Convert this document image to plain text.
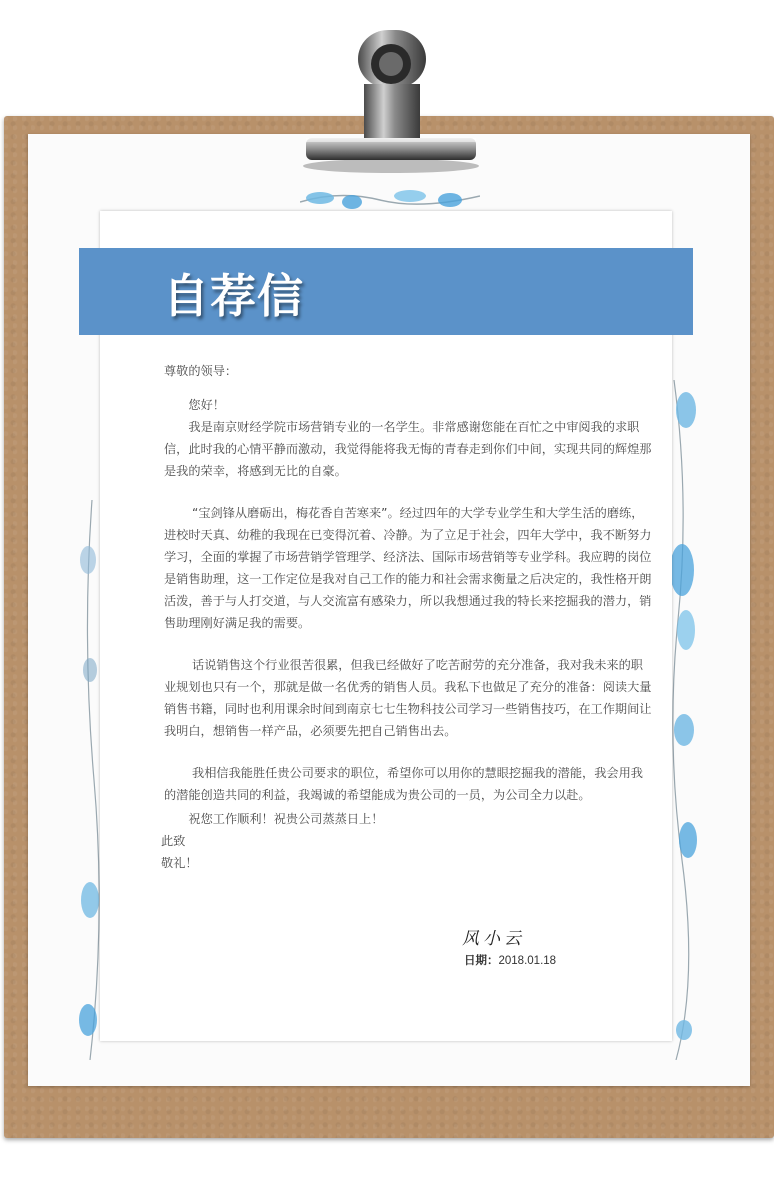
自荐信

尊敬的领导：

您好！

我是南京财经学院市场营销专业的一名学生。非常感谢您能在百忙之中审阅我的求职信，此时我的心情平静而激动，我觉得能将我无悔的青春走到你们中间，实现共同的辉煌那是我的荣幸，将感到无比的自豪。

“宝剑锋从磨砺出，梅花香自苦寒来”。经过四年的大学专业学生和大学生活的磨练，进校时天真、幼稚的我现在已变得沉着、冷静。为了立足于社会，四年大学中，我不断努力学习，全面的掌握了市场营销学管理学、经济法、国际市场营销等专业学科。我应聘的岗位是销售助理，这一工作定位是我对自己工作的能力和社会需求衡量之后决定的，我性格开朗活泼，善于与人打交道，与人交流富有感染力，所以我想通过我的特长来挖掘我的潜力，销售助理刚好满足我的需要。

话说销售这个行业很苦很累，但我已经做好了吃苦耐劳的充分准备，我对我未来的职业规划也只有一个，那就是做一名优秀的销售人员。我私下也做足了充分的准备：阅读大量销售书籍，同时也利用课余时间到南京七七生物科技公司学习一些销售技巧，在工作期间让我明白，想销售一样产品，必须要先把自己销售出去。

我相信我能胜任贵公司要求的职位，希望你可以用你的慧眼挖掘我的潜能，我会用我的潜能创造共同的利益，我竭诚的希望能成为贵公司的一员，为公司全力以赴。

祝您工作顺利！祝贵公司蒸蒸日上！

此致

敬礼！

风小云
日期：2018.01.18
